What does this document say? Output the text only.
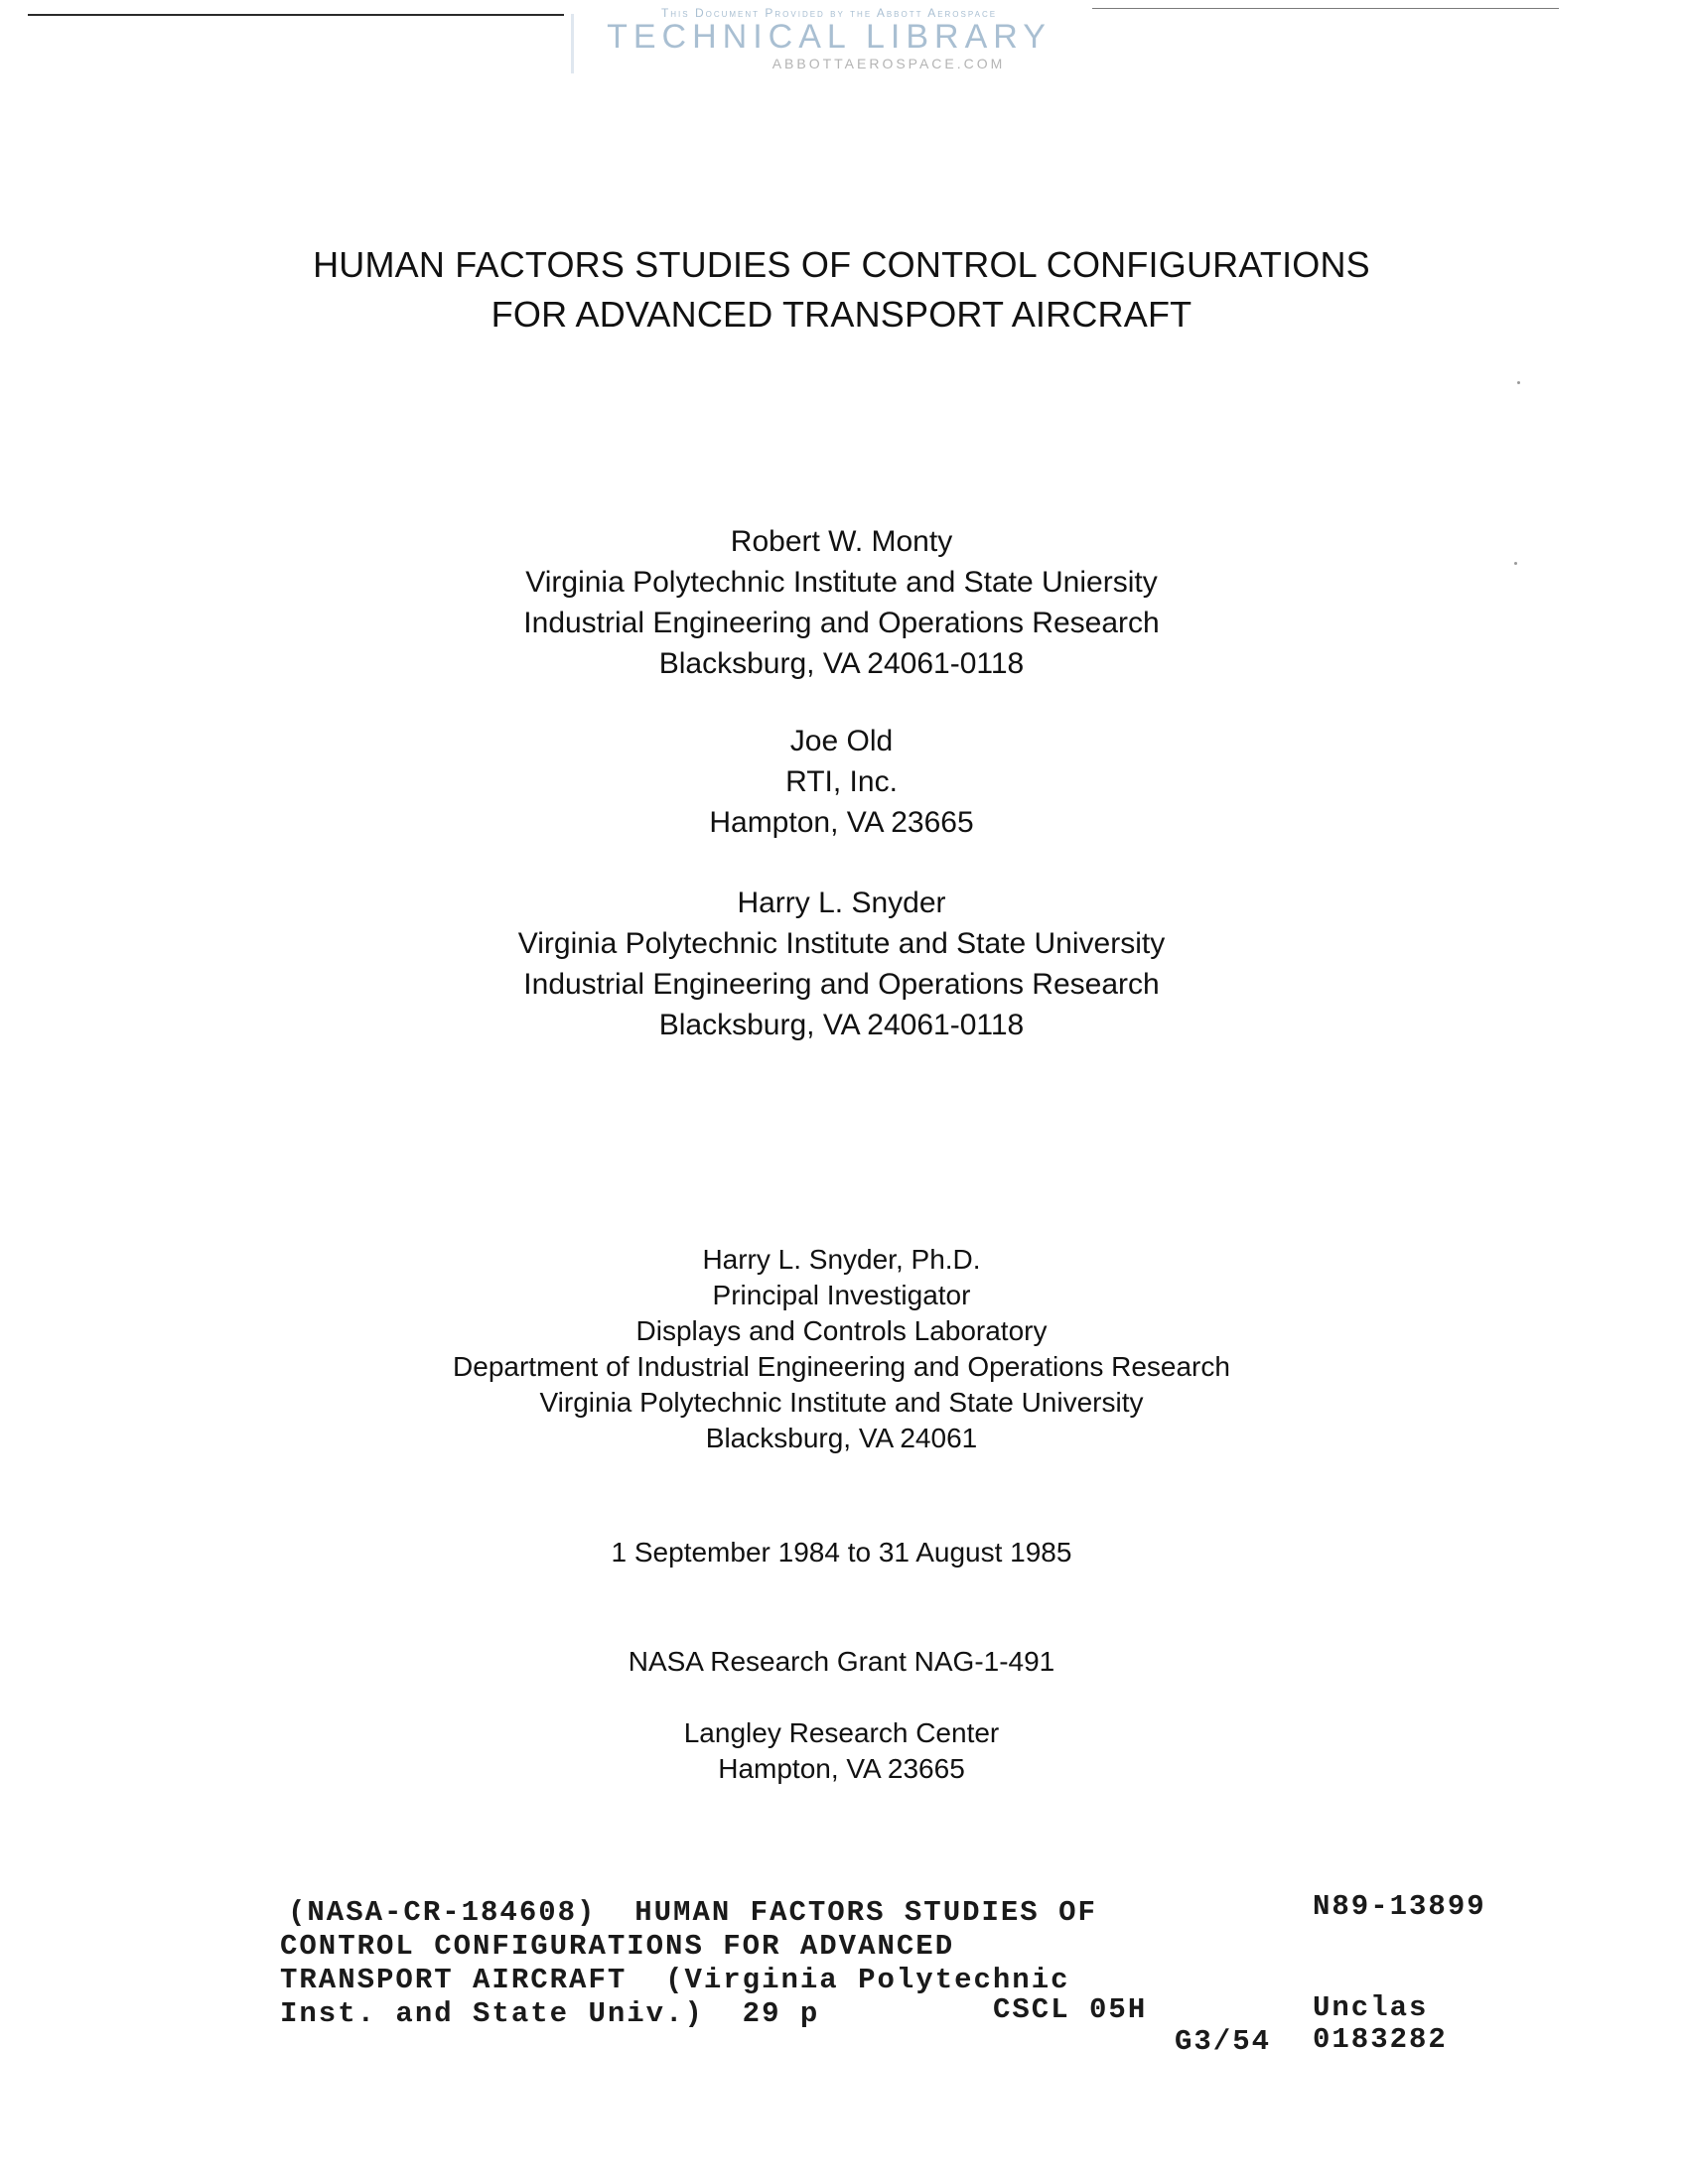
This Document Provided by the Abbott Aerospace
TECHNICAL LIBRARY
ABBOTTAEROSPACE.COM
HUMAN FACTORS STUDIES OF CONTROL CONFIGURATIONS
FOR ADVANCED TRANSPORT AIRCRAFT
Robert W. Monty
Virginia Polytechnic Institute and State Uniersity
Industrial Engineering and Operations Research
Blacksburg, VA 24061-0118
Joe Old
RTI, Inc.
Hampton, VA 23665
Harry L. Snyder
Virginia Polytechnic Institute and State University
Industrial Engineering and Operations Research
Blacksburg, VA 24061-0118
Harry L. Snyder, Ph.D.
Principal Investigator
Displays and Controls Laboratory
Department of Industrial Engineering and Operations Research
Virginia Polytechnic Institute and State University
Blacksburg, VA 24061
1 September 1984 to 31 August 1985
NASA Research Grant NAG-1-491
Langley Research Center
Hampton, VA 23665
(NASA-CR-184608)  HUMAN FACTORS STUDIES OF
CONTROL CONFIGURATIONS FOR ADVANCED
TRANSPORT AIRCRAFT  (Virginia Polytechnic
Inst. and State Univ.)  29 p	CSCL 05H
G3/54
N89-13899
Unclas
0183282
